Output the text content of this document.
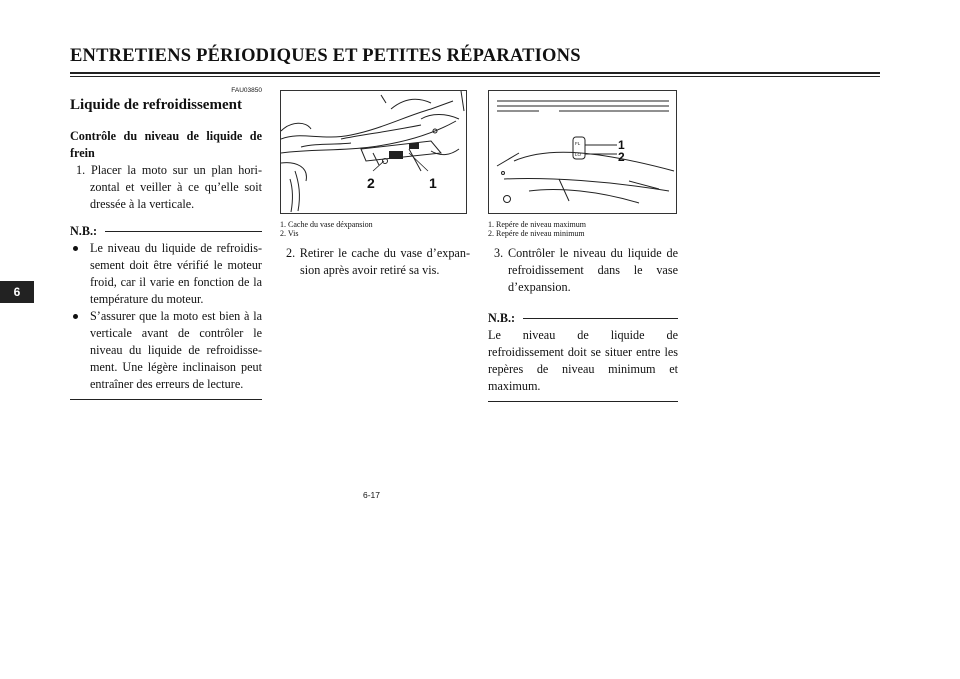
ENTRETIENS PÉRIODIQUES ET PETITES RÉPARATIONS
6
FAU03850
Liquide de refroidissement
Contrôle du niveau de liquide de frein
1. Placer la moto sur un plan horizontal et veiller à ce qu’elle soit dressée à la verticale.
N.B.:
Le niveau du liquide de refroidissement doit être vérifié le moteur froid, car il varie en fonction de la température du moteur.
S’assurer que la moto est bien à la verticale avant de contrôler le niveau du liquide de refroidissement. Une légère inclinaison peut entraîner des erreurs de lecture.
2	1
1. Cache du vase déxpansion
2. Vis
2. Retirer le cache du vase d’expansion après avoir retiré sa vis.
FL
LO
1
2
1. Repére de niveau maximum
2. Repére de niveau minimum
3. Contrôler le niveau du liquide de refroidissement dans le vase d’expansion.
N.B.:
Le niveau de liquide de refroidissement doit se situer entre les repères de niveau minimum et maximum.
6-17
